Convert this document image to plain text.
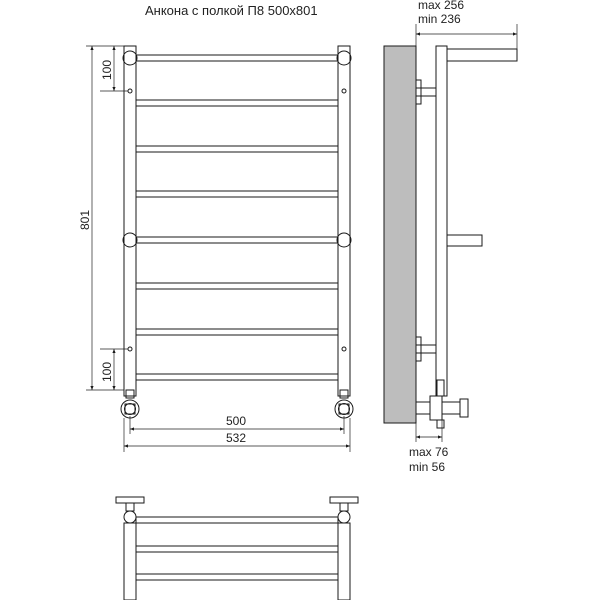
Анкона с полкой П8 500x801
801
100
100
500
532
max 256
min 236
max 76
min 56
